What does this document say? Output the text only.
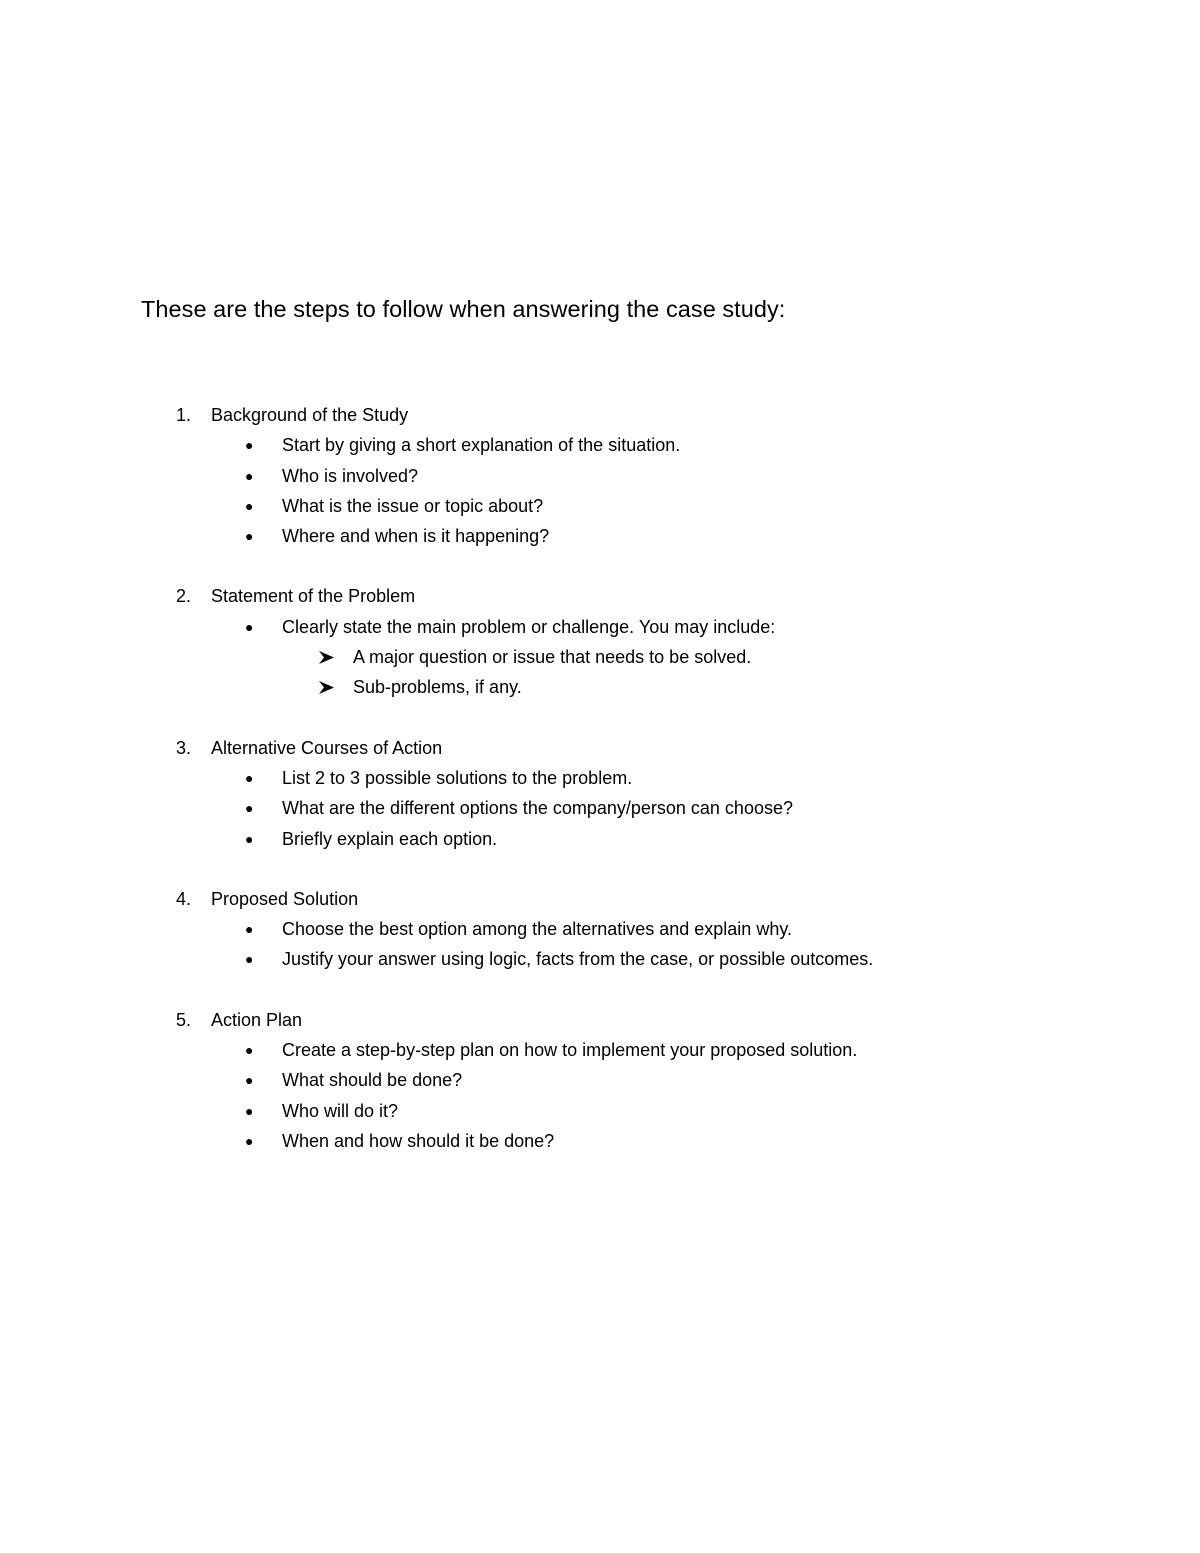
These are the steps to follow when answering the case study:
1. Background of the Study
● Start by giving a short explanation of the situation.
● Who is involved?
● What is the issue or topic about?
● Where and when is it happening?
2. Statement of the Problem
● Clearly state the main problem or challenge. You may include:
A major question or issue that needs to be solved.
Sub-problems, if any.
3. Alternative Courses of Action
● List 2 to 3 possible solutions to the problem.
● What are the different options the company/person can choose?
● Briefly explain each option.
4. Proposed Solution
● Choose the best option among the alternatives and explain why.
● Justify your answer using logic, facts from the case, or possible outcomes.
5. Action Plan
● Create a step-by-step plan on how to implement your proposed solution.
● What should be done?
● Who will do it?
● When and how should it be done?
